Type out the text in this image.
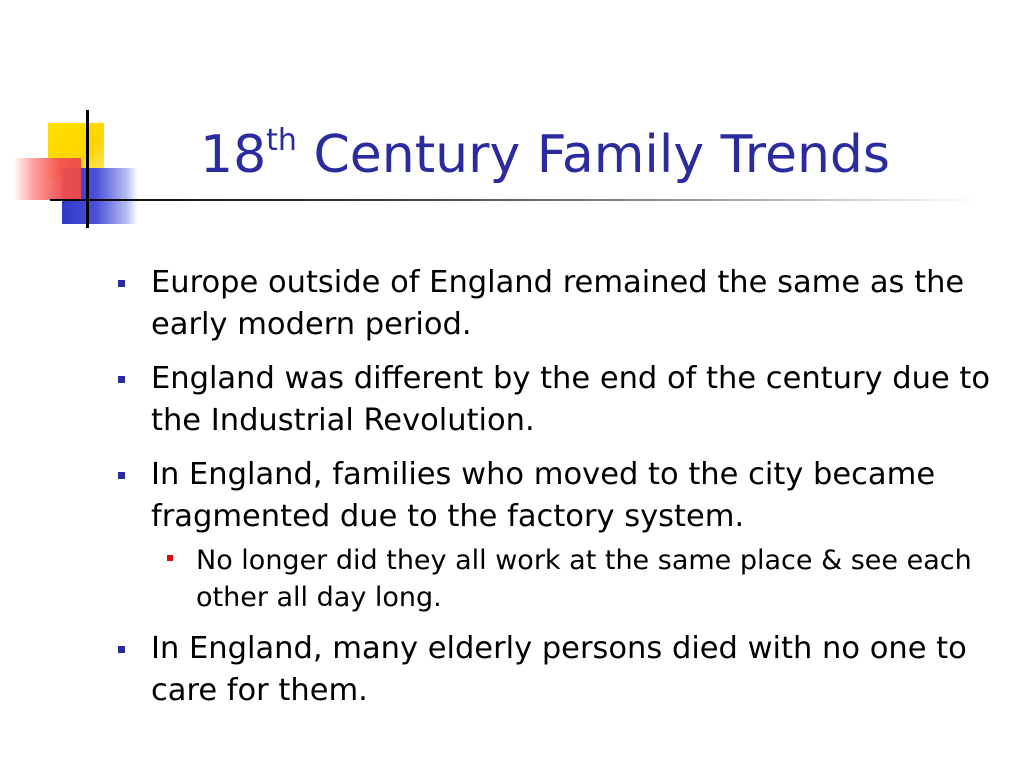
18th Century Family Trends
Europe outside of England remained the same as the early modern period.
England was different by the end of the century due to the Industrial Revolution.
In England, families who moved to the city became fragmented due to the factory system.
No longer did they all work at the same place & see each other all day long.
In England, many elderly persons died with no one to care for them.
